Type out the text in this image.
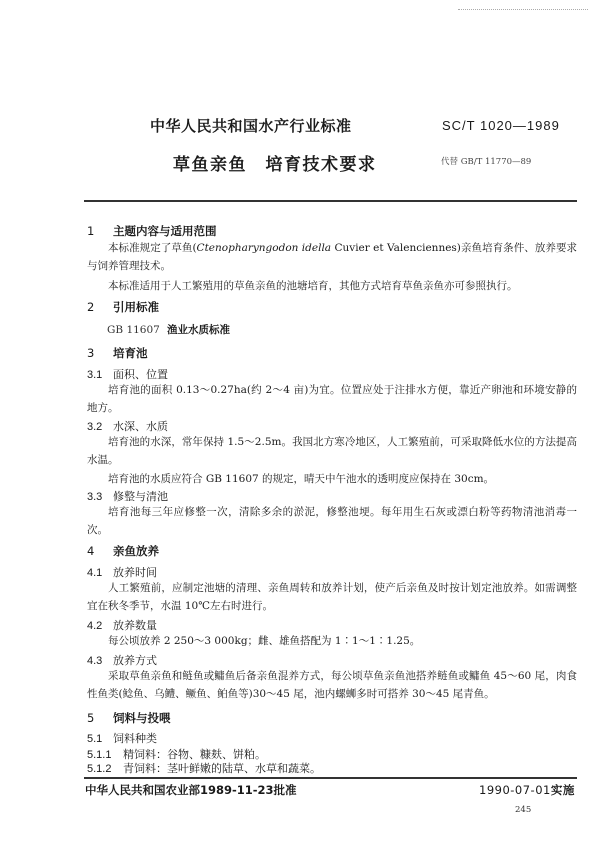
中华人民共和国水产行业标准	SC/T 1020—1989
草鱼亲鱼　培育技术要求	代替 GB/T 11770—89
1 主题内容与适用范围
本标准规定了草鱼(Ctenopharyngodon idella Cuvier et Valenciennes)亲鱼培育条件、放养要求与饲养管理技术。
本标准适用于人工繁殖用的草鱼亲鱼的池塘培育，其他方式培育草鱼亲鱼亦可参照执行。
2 引用标准
GB 11607 渔业水质标准
3 培育池
3.1 面积、位置
培育池的面积 0.13～0.27ha(约 2～4 亩)为宜。位置应处于注排水方便，靠近产卵池和环境安静的地方。
3.2 水深、水质
培育池的水深，常年保持 1.5～2.5m。我国北方寒冷地区，人工繁殖前，可采取降低水位的方法提高水温。
培育池的水质应符合 GB 11607 的规定，晴天中午池水的透明度应保持在 30cm。
3.3 修整与清池
培育池每三年应修整一次，清除多余的淤泥，修整池埂。每年用生石灰或漂白粉等药物清池消毒一次。
4 亲鱼放养
4.1 放养时间
人工繁殖前，应制定池塘的清理、亲鱼周转和放养计划，使产后亲鱼及时按计划定池放养。如需调整宜在秋冬季节，水温 10℃左右时进行。
4.2 放养数量
每公顷放养 2 250～3 000kg；雌、雄鱼搭配为 1∶1～1∶1.25。
4.3 放养方式
采取草鱼亲鱼和鲢鱼或鳙鱼后备亲鱼混养方式，每公顷草鱼亲鱼池搭养鲢鱼或鳙鱼 45～60 尾，肉食性鱼类(鲶鱼、乌鳢、鳜鱼、鲌鱼等)30～45 尾，池内螺蛳多时可搭养 30～45 尾青鱼。
5 饲料与投喂
5.1 饲料种类
5.1.1 精饲料：谷物、糠麸、饼粕。
5.1.2 青饲料：茎叶鲜嫩的陆草、水草和蔬菜。
中华人民共和国农业部1989-11-23批准	1990-07-01实施
245
